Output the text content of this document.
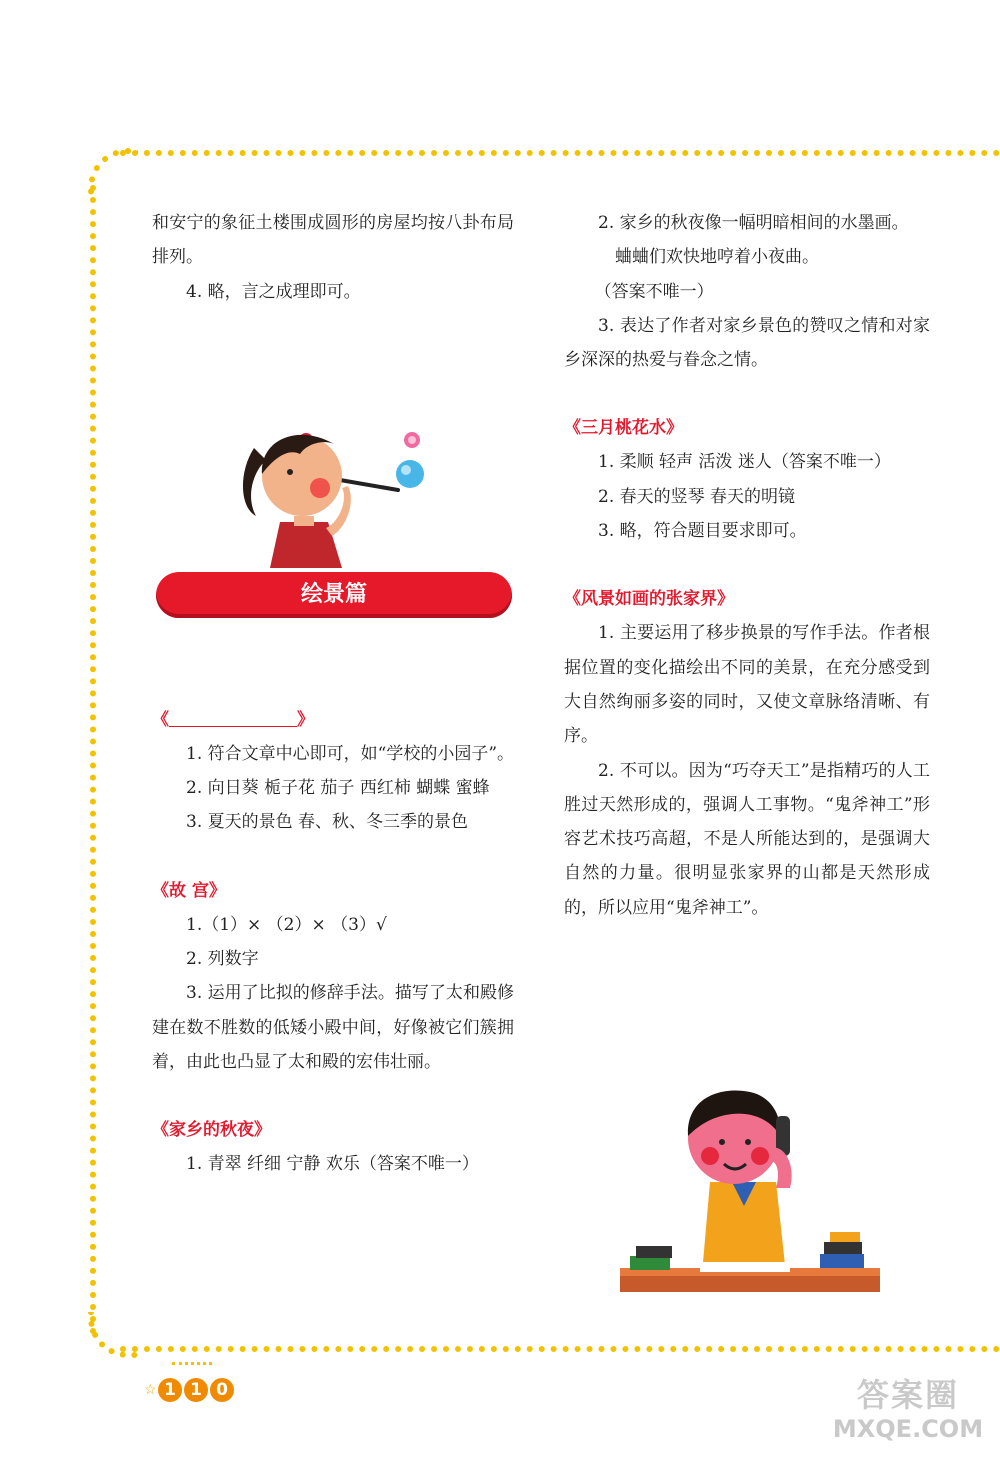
和安宁的象征土楼围成圆形的房屋均按八卦布局排列。

4. 略，言之成理即可。

《	》

1. 符合文章中心即可，如“学校的小园子”。

2. 向日葵 栀子花 茄子 西红柿 蝴蝶 蜜蜂

3. 夏天的景色 春、秋、冬三季的景色

《故 宫》

1.（1）× （2）× （3）√

2. 列数字

3. 运用了比拟的修辞手法。描写了太和殿修建在数不胜数的低矮小殿中间，好像被它们簇拥着，由此也凸显了太和殿的宏伟壮丽。

《家乡的秋夜》

1. 青翠 纤细 宁静 欢乐（答案不唯一）

绘景篇

2. 家乡的秋夜像一幅明暗相间的水墨画。

蛐蛐们欢快地哼着小夜曲。

（答案不唯一）

3. 表达了作者对家乡景色的赞叹之情和对家乡深深的热爱与眷念之情。

《三月桃花水》

1. 柔顺 轻声 活泼 迷人（答案不唯一）

2. 春天的竖琴 春天的明镜

3. 略，符合题目要求即可。

《风景如画的张家界》

1. 主要运用了移步换景的写作手法。作者根据位置的变化描绘出不同的美景，在充分感受到大自然绚丽多姿的同时，又使文章脉络清晰、有序。

2. 不可以。因为“巧夺天工”是指精巧的人工胜过天然形成的，强调人工事物。“鬼斧神工”形容艺术技巧高超，不是人所能达到的，是强调大自然的力量。很明显张家界的山都是天然形成的，所以应用“鬼斧神工”。

☆ 1 1 0	答案圈
MXQE.COM
